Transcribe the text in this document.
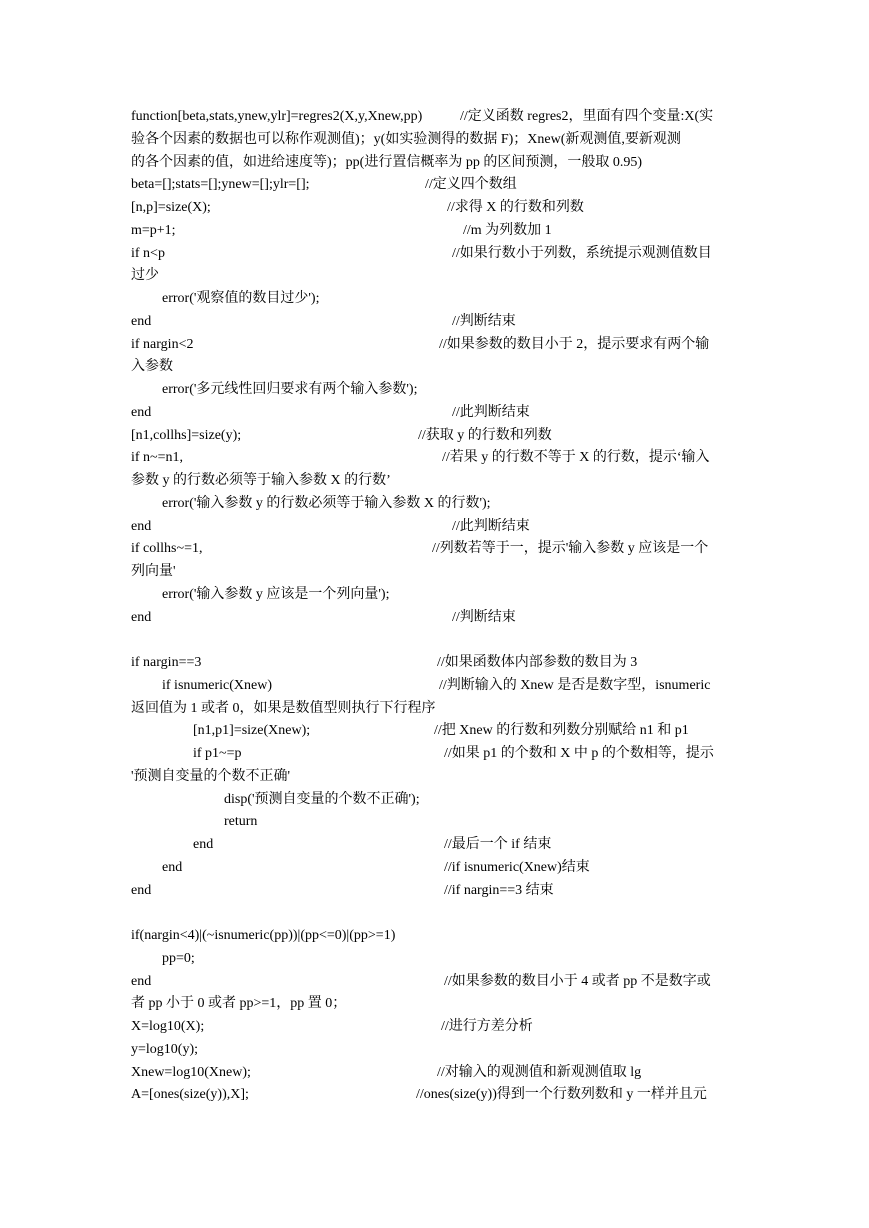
function[beta,stats,ynew,ylr]=regres2(X,y,Xnew,pp)	//定义函数 regres2，里面有四个变量:X(实
验各个因素的数据也可以称作观测值)；y(如实验测得的数据 F)；Xnew(新观测值,要新观测
的各个因素的值，如进给速度等)；pp(进行置信概率为 pp 的区间预测，一般取 0.95)
beta=[];stats=[];ynew=[];ylr=[];	//定义四个数组
[n,p]=size(X);	//求得 X 的行数和列数
m=p+1;	//m 为列数加 1
if n<p	//如果行数小于列数，系统提示观测值数目
过少
error('观察值的数目过少');
end	//判断结束
if nargin<2	//如果参数的数目小于 2，提示要求有两个输
入参数
error('多元线性回归要求有两个输入参数');
end	//此判断结束
[n1,collhs]=size(y);	//获取 y 的行数和列数
if n~=n1,	//若果 y 的行数不等于 X 的行数，提示‘输入
参数 y 的行数必须等于输入参数 X 的行数’
error('输入参数 y 的行数必须等于输入参数 X 的行数');
end	//此判断结束
if collhs~=1,	//列数若等于一，提示'输入参数 y 应该是一个
列向量'
error('输入参数 y 应该是一个列向量');
end	//判断结束
if nargin==3	//如果函数体内部参数的数目为 3
if isnumeric(Xnew)	//判断输入的 Xnew 是否是数字型，isnumeric
返回值为 1 或者 0，如果是数值型则执行下行程序
[n1,p1]=size(Xnew);	//把 Xnew 的行数和列数分别赋给 n1 和 p1
if p1~=p	//如果 p1 的个数和 X 中 p 的个数相等，提示
'预测自变量的个数不正确'
disp('预测自变量的个数不正确');
return
end	//最后一个 if 结束
end	//if isnumeric(Xnew)结束
end	//if nargin==3 结束
if(nargin<4)|(~isnumeric(pp))|(pp<=0)|(pp>=1)
pp=0;
end	//如果参数的数目小于 4 或者 pp 不是数字或
者 pp 小于 0 或者 pp>=1，pp 置 0；
X=log10(X);	//进行方差分析
y=log10(y);
Xnew=log10(Xnew);	//对输入的观测值和新观测值取 lg
A=[ones(size(y)),X];	//ones(size(y))得到一个行数列数和 y 一样并且元
